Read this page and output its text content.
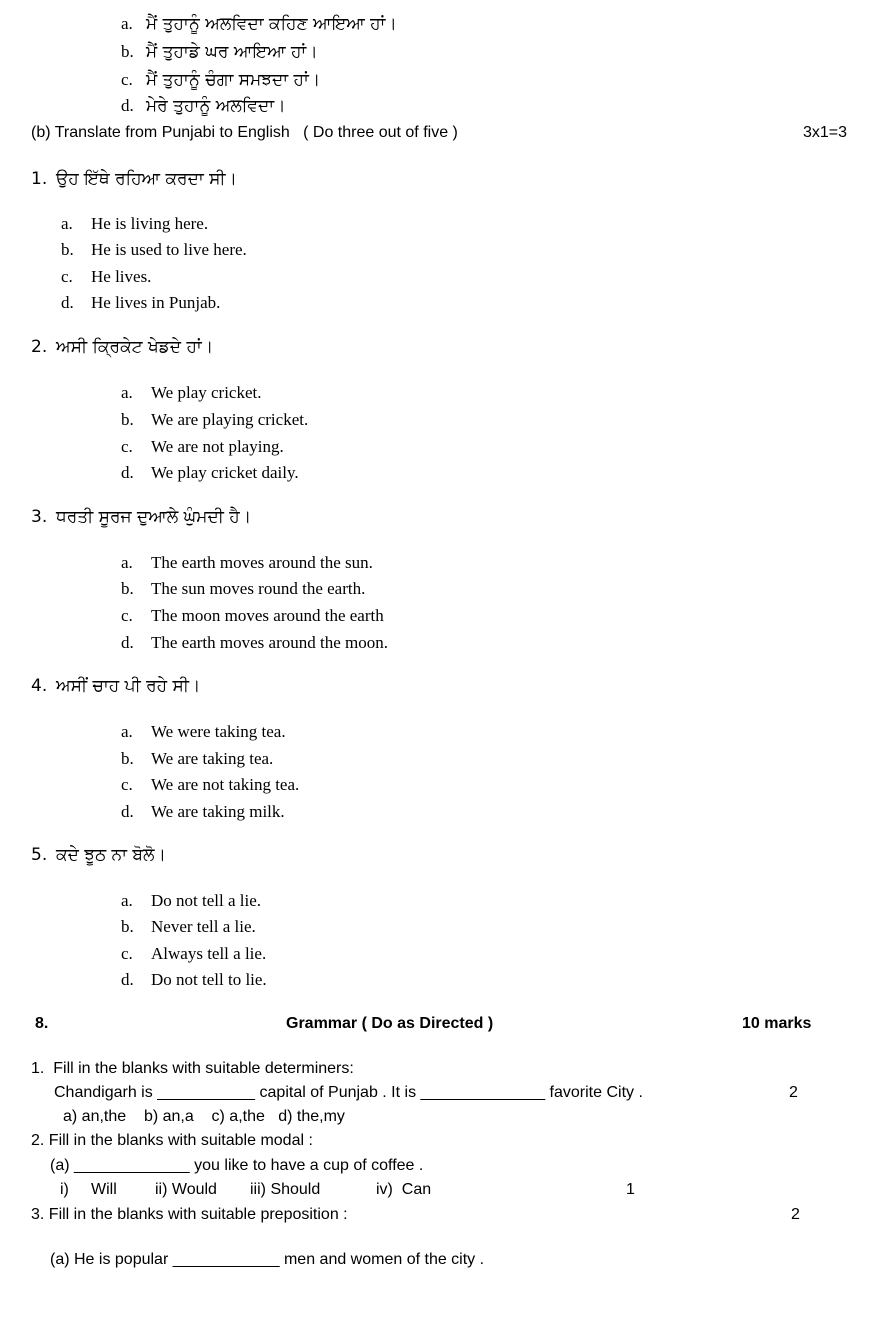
a. ਮੈਂ ਤੁਹਾਨੂੰ ਅਲਵਿਦਾ ਕਹਿਣ ਆਇਆ ਹਾਂ।
b. ਮੈਂ ਤੁਹਾਡੇ ਘਰ ਆਇਆ ਹਾਂ।
c. ਮੈਂ ਤੁਹਾਨੂੰ ਚੰਗਾ ਸਮਝਦਾ ਹਾਂ।
d. ਮੇਰੇ ਤੁਹਾਨੂੰ ਅਲਵਿਦਾ।
(b) Translate from Punjabi to English   ( Do three out of five )	3x1=3
1. ਉਹ ਇੱਥੇ ਰਹਿਆ ਕਰਦਾ ਸੀ।
a. He is living here.
b. He is used to live here.
c. He lives.
d. He lives in Punjab.
2. ਅਸੀ ਕ੍ਰਿਕੇਟ ਖੇਡਦੇ ਹਾਂ।
a. We play cricket.
b. We are playing cricket.
c. We are not playing.
d. We play cricket daily.
3. ਧਰਤੀ ਸੂਰਜ ਦੁਆਲੇ ਘੁੰਮਦੀ ਹੈ।
a. The earth moves around the sun.
b. The sun moves round the earth.
c. The moon moves around the earth
d. The earth moves around the moon.
4. ਅਸੀਂ ਚਾਹ ਪੀ ਰਹੇ ਸੀ।
a. We were taking tea.
b. We are taking tea.
c. We are not taking tea.
d. We are taking milk.
5. ਕਦੇ ਝੂਠ ਨਾ ਬੋਲੋ।
a. Do not tell a lie.
b. Never tell a lie.
c. Always tell a lie.
d. Do not tell to lie.
8.	Grammar ( Do as Directed )	10 marks
1.  Fill in the blanks with suitable determiners:
Chandigarh is ___________ capital of Punjab . It is ______________ favorite City .	2
a) an,the    b) an,a    c) a,the   d) the,my
2. Fill in the blanks with suitable modal :
(a) _____________ you like to have a cup of coffee .
i) Will ii) Would iii) Should	iv)  Can	1
3. Fill in the blanks with suitable preposition :	2
(a) He is popular ____________ men and women of the city .
